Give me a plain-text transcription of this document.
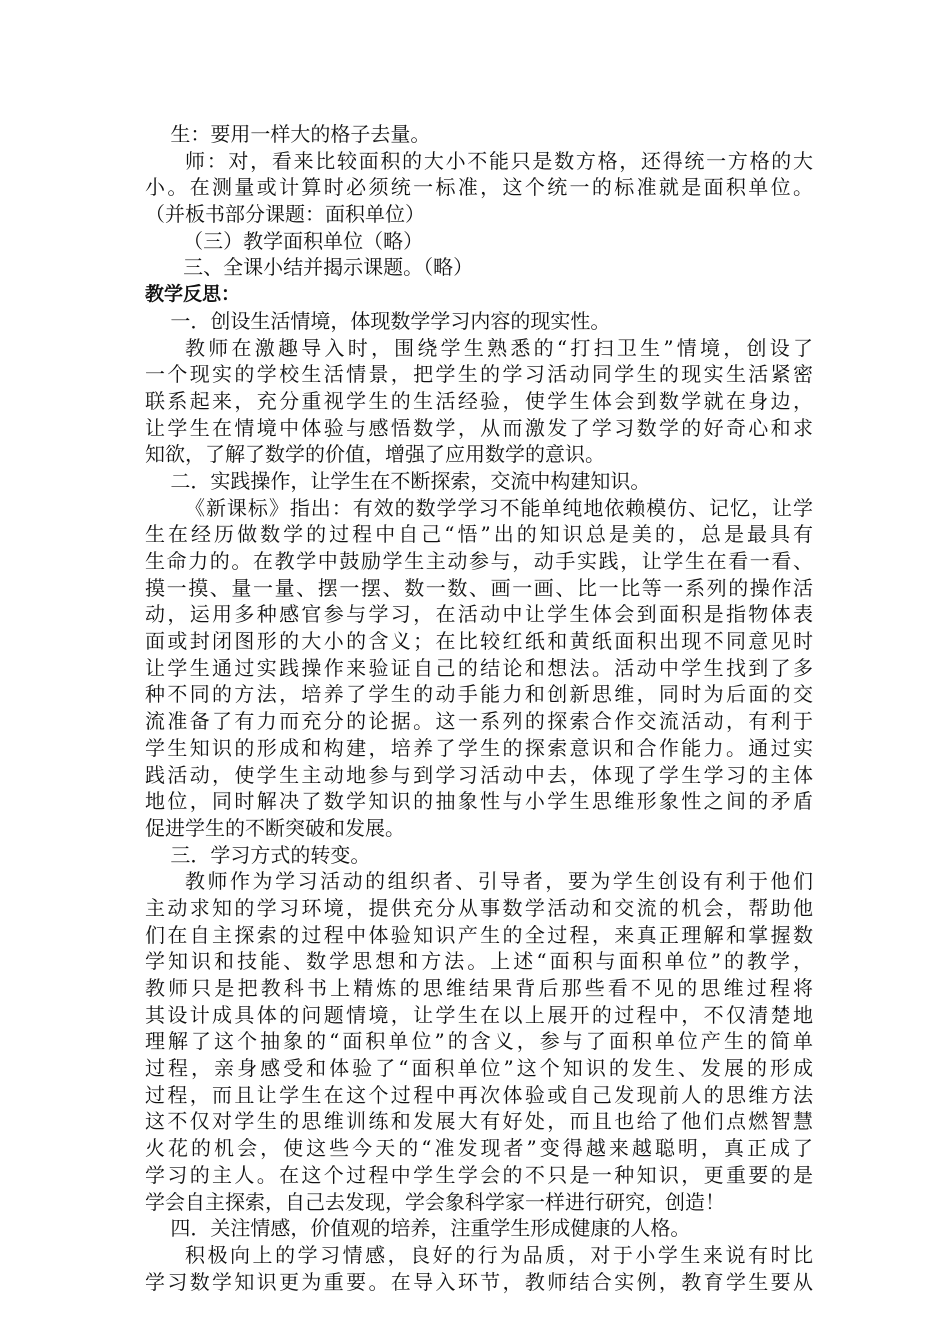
生：要用一样大的格子去量。
师：对，看来比较面积的大小不能只是数方格，还得统一方格的大
小。在测量或计算时必须统一标准，这个统一的标准就是面积单位。
（并板书部分课题：面积单位）
（三）教学面积单位（略）
三、全课小结并揭示课题。（略）
教学反思：
一．创设生活情境，体现数学学习内容的现实性。
教师在激趣导入时，围绕学生熟悉的“打扫卫生”情境，创设了
一个现实的学校生活情景，把学生的学习活动同学生的现实生活紧密
联系起来，充分重视学生的生活经验，使学生体会到数学就在身边，
让学生在情境中体验与感悟数学，从而激发了学习数学的好奇心和求
知欲，了解了数学的价值，增强了应用数学的意识。
二．实践操作，让学生在不断探索，交流中构建知识。
《新课标》指出：有效的数学学习不能单纯地依赖模仿、记忆，让学
生在经历做数学的过程中自己“悟”出的知识总是美的，总是最具有
生命力的。在教学中鼓励学生主动参与，动手实践，让学生在看一看、
摸一摸、量一量、摆一摆、数一数、画一画、比一比等一系列的操作活
动，运用多种感官参与学习，在活动中让学生体会到面积是指物体表
面或封闭图形的大小的含义；在比较红纸和黄纸面积出现不同意见时
让学生通过实践操作来验证自己的结论和想法。活动中学生找到了多
种不同的方法，培养了学生的动手能力和创新思维，同时为后面的交
流准备了有力而充分的论据。这一系列的探索合作交流活动，有利于
学生知识的形成和构建，培养了学生的探索意识和合作能力。通过实
践活动，使学生主动地参与到学习活动中去，体现了学生学习的主体
地位，同时解决了数学知识的抽象性与小学生思维形象性之间的矛盾
促进学生的不断突破和发展。
三．学习方式的转变。
教师作为学习活动的组织者、引导者，要为学生创设有利于他们
主动求知的学习环境，提供充分从事数学活动和交流的机会，帮助他
们在自主探索的过程中体验知识产生的全过程，来真正理解和掌握数
学知识和技能、数学思想和方法。上述“面积与面积单位”的教学，
教师只是把教科书上精炼的思维结果背后那些看不见的思维过程将
其设计成具体的问题情境，让学生在以上展开的过程中，不仅清楚地
理解了这个抽象的“面积单位”的含义，参与了面积单位产生的简单
过程，亲身感受和体验了“面积单位”这个知识的发生、发展的形成
过程，而且让学生在这个过程中再次体验或自己发现前人的思维方法
这不仅对学生的思维训练和发展大有好处，而且也给了他们点燃智慧
火花的机会，使这些今天的“准发现者”变得越来越聪明，真正成了
学习的主人。在这个过程中学生学会的不只是一种知识，更重要的是
学会自主探索，自己去发现，学会象科学家一样进行研究，创造！
四．关注情感，价值观的培养，注重学生形成健康的人格。
积极向上的学习情感，良好的行为品质，对于小学生来说有时比
学习数学知识更为重要。在导入环节，教师结合实例，教育学生要从
